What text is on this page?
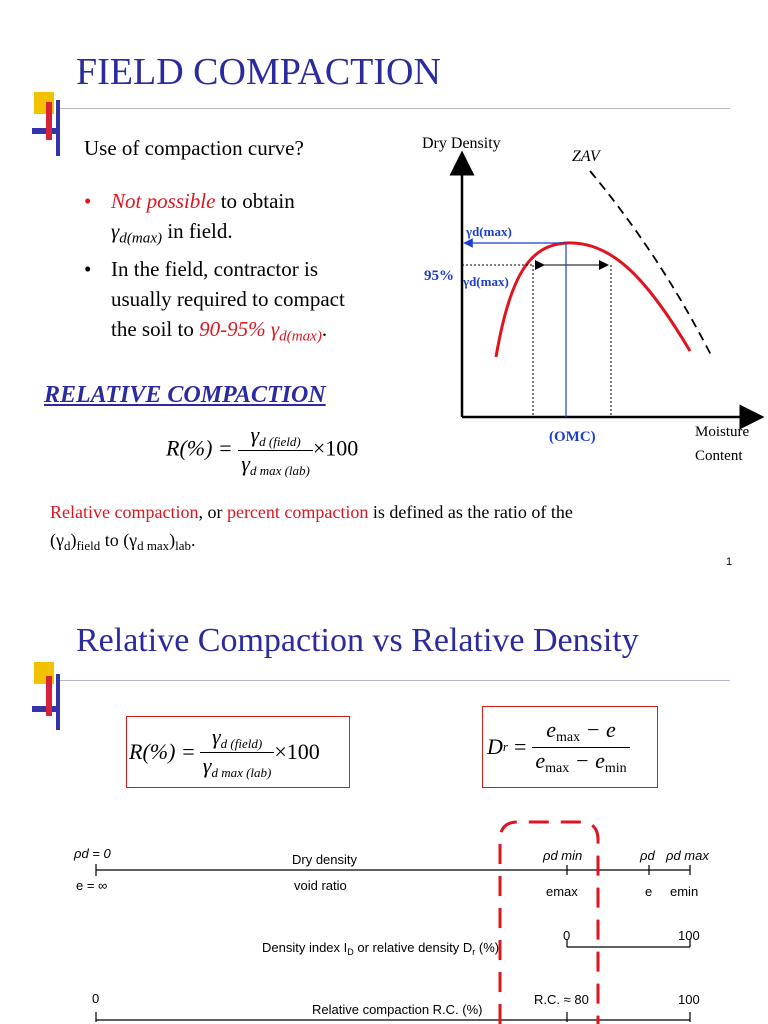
FIELD COMPACTION
Use of compaction curve?
• Not possible to obtain
$\gamma_{d(max)}$ in field.
• In the field, contractor is
usually required to compact
the soil to 90-95% $\gamma_{d(max)}$.
RELATIVE COMPACTION
$R(\%) = \frac{\gamma_{d (field)}}{\gamma_{d max (lab)}} \times 100$
Relative compaction, or percent compaction is defined as the ratio of the
$(\gamma_d)_{field}$ to $(\gamma_{d max})_{lab}$.
1
Dry Density
ZAV
γd(max)
95% γd(max)
(OMC)	Moisture
Content
Relative Compaction vs Relative Density
$R(\%) = \frac{\gamma_{d (field)}}{\gamma_{d max (lab)}} \times 100$	D $r = \frac{e_{max} - e}{e_{max} - e_{min}}$
ρd = 0
e = ∞
Dry density
void ratio
ρd min
emax
ρd ρd max
e emin
Density index $I_D$ or relative density $D_r$ (%)
0	100
0
Relative compaction R.C. (%)
R.C. ≈ 80	100
